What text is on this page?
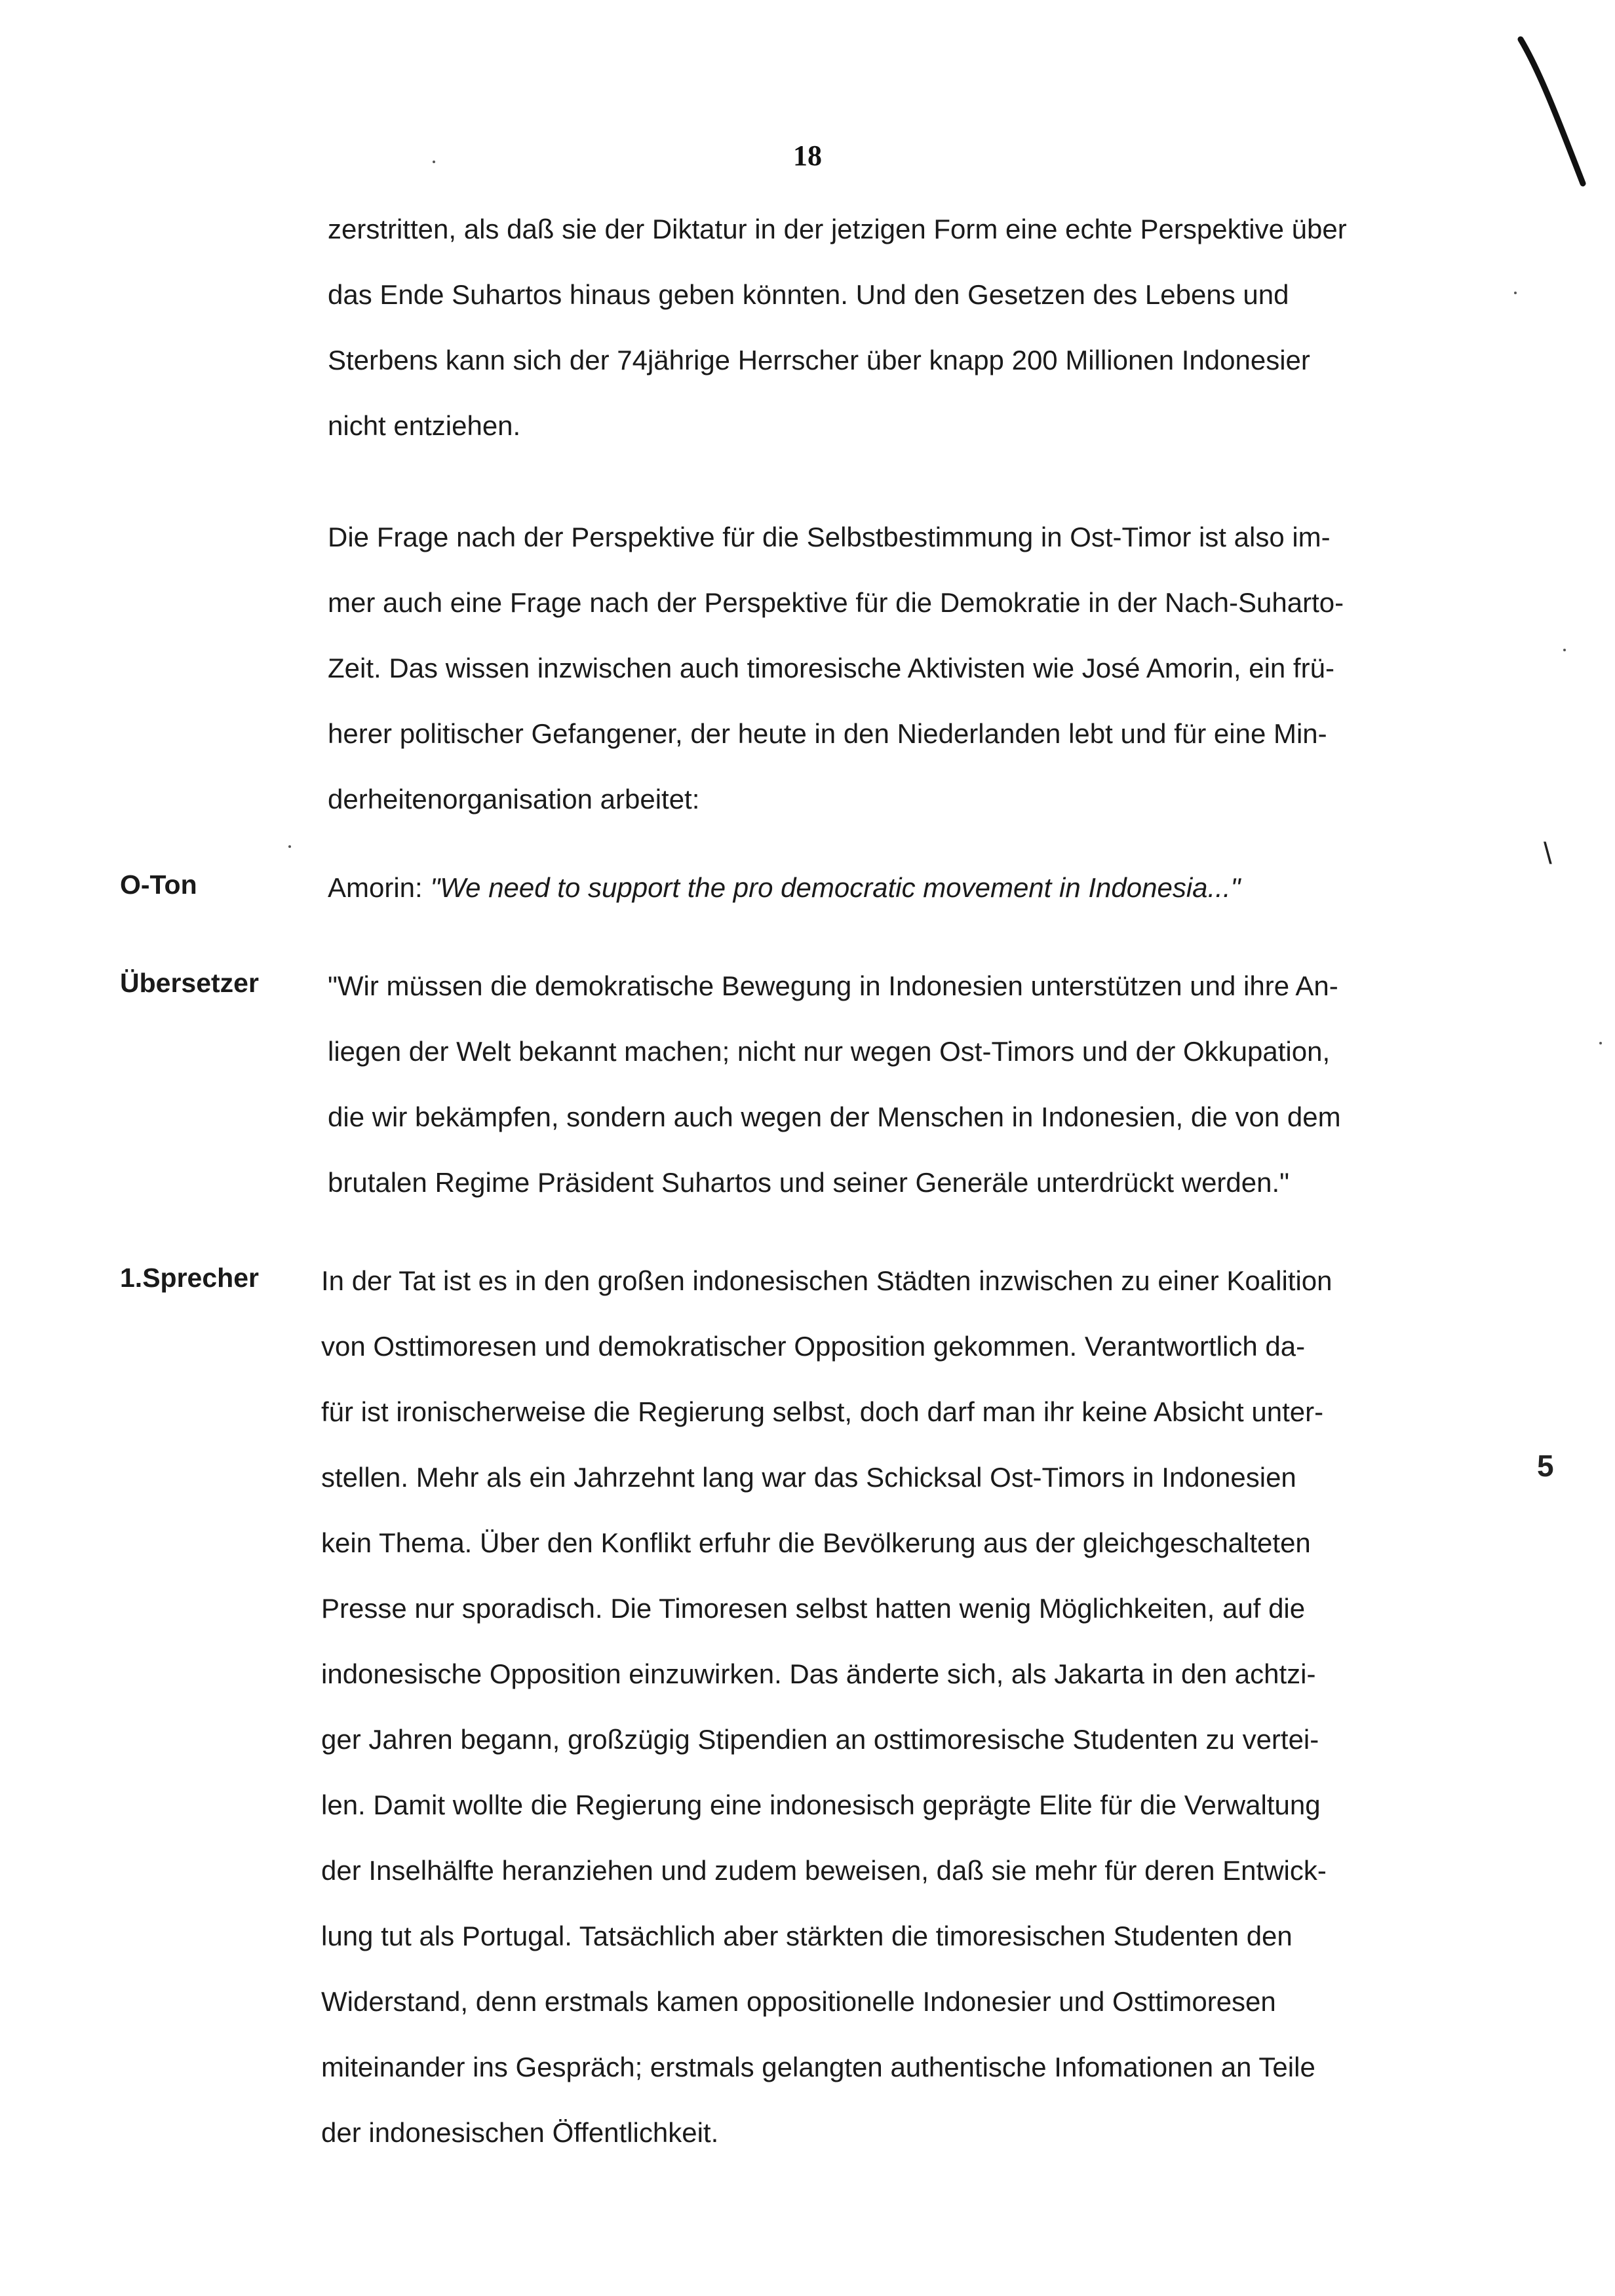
18
zerstritten, als daß sie der Diktatur in der jetzigen Form eine echte Perspektive über
das Ende Suhartos hinaus geben könnten. Und den Gesetzen des Lebens und
Sterbens kann sich der 74jährige Herrscher über knapp 200 Millionen Indonesier
nicht entziehen.
Die Frage nach der Perspektive für die Selbstbestimmung in Ost-Timor ist also im-
mer auch eine Frage nach der Perspektive für die Demokratie in der Nach-Suharto-
Zeit. Das wissen inzwischen auch timoresische Aktivisten wie José Amorin, ein frü-
herer politischer Gefangener, der heute in den Niederlanden lebt und für eine Min-
derheitenorganisation arbeitet:
O-Ton	Amorin: "We need to support the pro democratic movement in Indonesia..."
Übersetzer	"Wir müssen die demokratische Bewegung in Indonesien unterstützen und ihre An-
liegen der Welt bekannt machen; nicht nur wegen Ost-Timors und der Okkupation,
die wir bekämpfen, sondern auch wegen der Menschen in Indonesien, die von dem
brutalen Regime Präsident Suhartos und seiner Generäle unterdrückt werden."
1.Sprecher In der Tat ist es in den großen indonesischen Städten inzwischen zu einer Koalition
von Osttimoresen und demokratischer Opposition gekommen. Verantwortlich da-
für ist ironischerweise die Regierung selbst, doch darf man ihr keine Absicht unter-
stellen. Mehr als ein Jahrzehnt lang war das Schicksal Ost-Timors in Indonesien
kein Thema. Über den Konflikt erfuhr die Bevölkerung aus der gleichgeschalteten
Presse nur sporadisch. Die Timoresen selbst hatten wenig Möglichkeiten, auf die
indonesische Opposition einzuwirken. Das änderte sich, als Jakarta in den achtzi-
ger Jahren begann, großzügig Stipendien an osttimoresische Studenten zu vertei-
len. Damit wollte die Regierung eine indonesisch geprägte Elite für die Verwaltung
der Inselhälfte heranziehen und zudem beweisen, daß sie mehr für deren Entwick-
lung tut als Portugal. Tatsächlich aber stärkten die timoresischen Studenten den
Widerstand, denn erstmals kamen oppositionelle Indonesier und Osttimoresen
miteinander ins Gespräch; erstmals gelangten authentische Infomationen an Teile
der indonesischen Öffentlichkeit.
\
5
